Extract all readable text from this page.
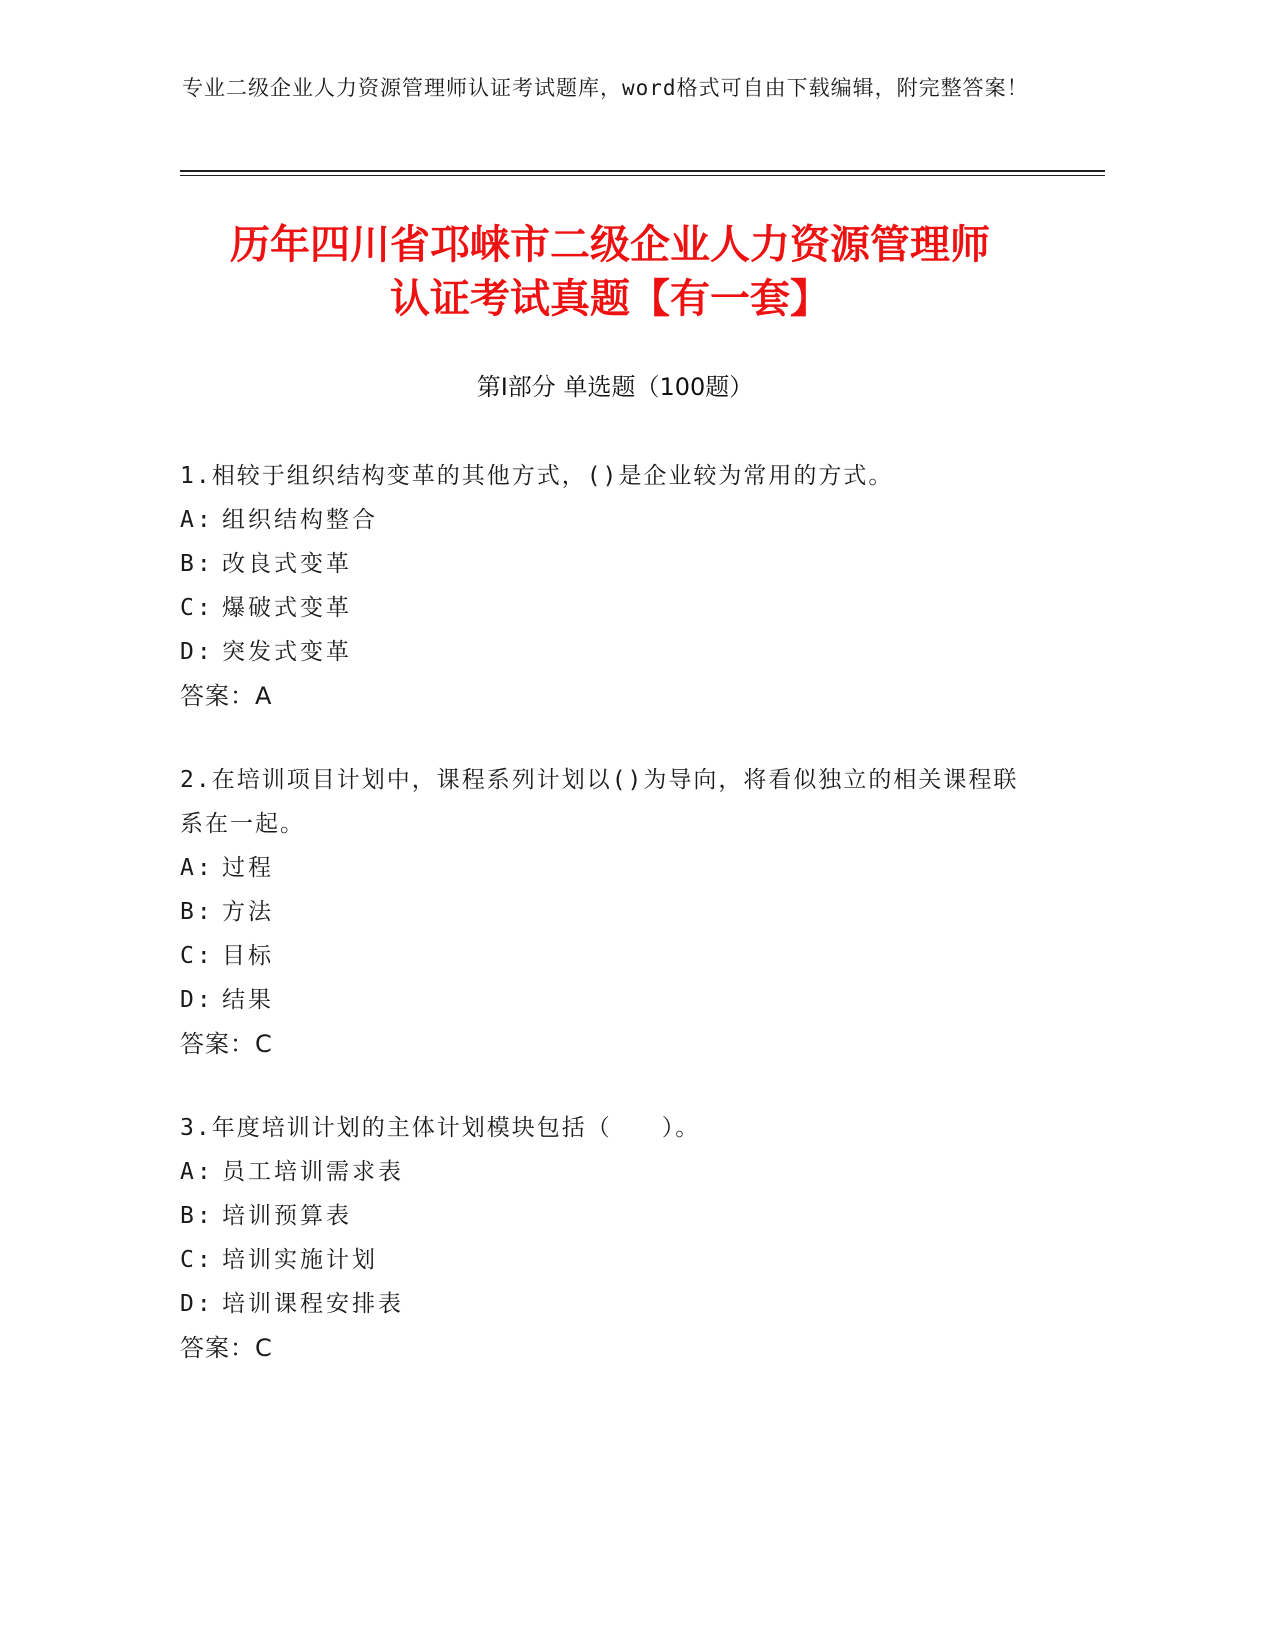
专业二级企业人力资源管理师认证考试题库，word格式可自由下载编辑，附完整答案！
历年四川省邛崃市二级企业人力资源管理师
认证考试真题【有一套】
第Ⅰ部分 单选题（100题）
1.相较于组织结构变革的其他方式，()是企业较为常用的方式。
A: 组织结构整合
B: 改良式变革
C: 爆破式变革
D: 突发式变革
答案：A
2.在培训项目计划中，课程系列计划以()为导向，将看似独立的相关课程联系在一起。
A: 过程
B: 方法
C: 目标
D: 结果
答案：C
3.年度培训计划的主体计划模块包括（　　）。
A: 员工培训需求表
B: 培训预算表
C: 培训实施计划
D: 培训课程安排表
答案：C
